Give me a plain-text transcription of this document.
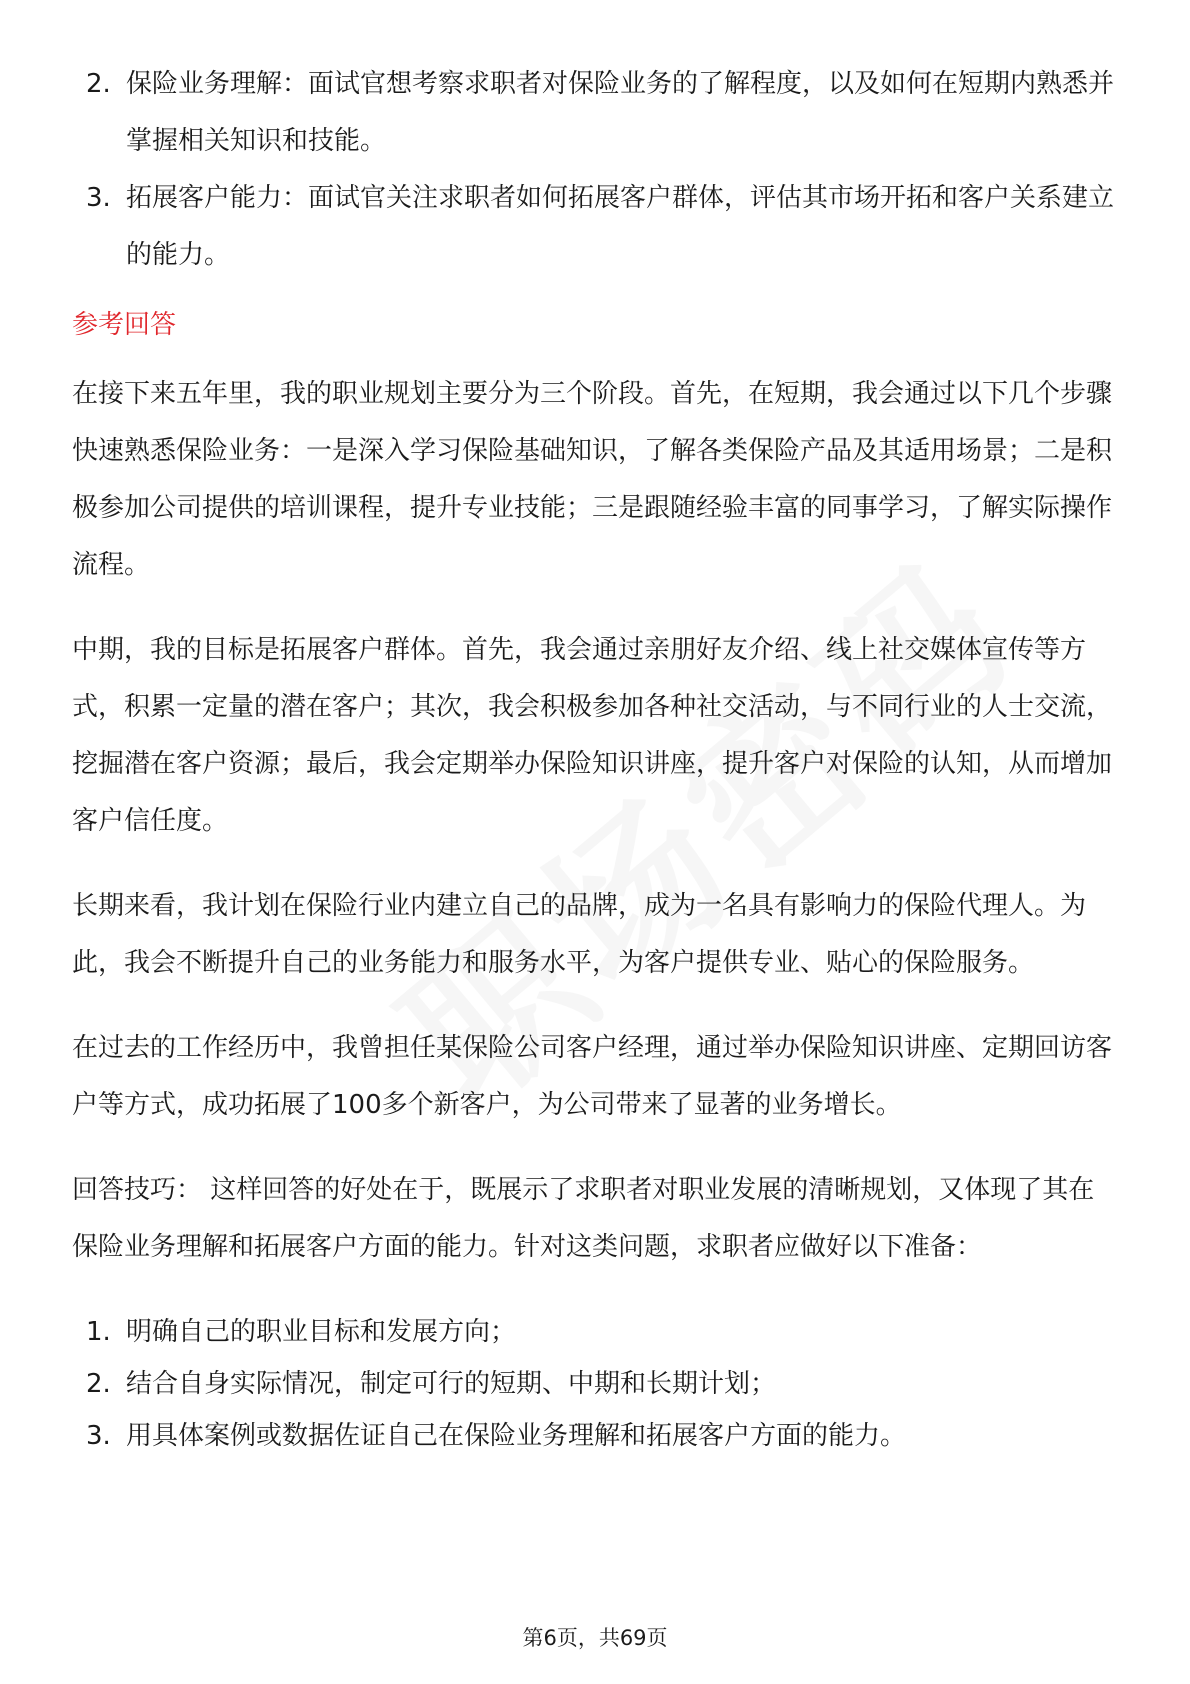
2. 保险业务理解：面试官想考察求职者对保险业务的了解程度，以及如何在短期内熟悉并掌握相关知识和技能。
3. 拓展客户能力：面试官关注求职者如何拓展客户群体，评估其市场开拓和客户关系建立的能力。
参考回答

在接下来五年里，我的职业规划主要分为三个阶段。首先，在短期，我会通过以下几个步骤快速熟悉保险业务：一是深入学习保险基础知识，了解各类保险产品及其适用场景；二是积极参加公司提供的培训课程，提升专业技能；三是跟随经验丰富的同事学习，了解实际操作流程。

中期，我的目标是拓展客户群体。首先，我会通过亲朋好友介绍、线上社交媒体宣传等方式，积累一定量的潜在客户；其次，我会积极参加各种社交活动，与不同行业的人士交流，挖掘潜在客户资源；最后，我会定期举办保险知识讲座，提升客户对保险的认知，从而增加客户信任度。

长期来看，我计划在保险行业内建立自己的品牌，成为一名具有影响力的保险代理人。为此，我会不断提升自己的业务能力和服务水平，为客户提供专业、贴心的保险服务。

在过去的工作经历中，我曾担任某保险公司客户经理，通过举办保险知识讲座、定期回访客户等方式，成功拓展了100多个新客户，为公司带来了显著的业务增长。

回答技巧： 这样回答的好处在于，既展示了求职者对职业发展的清晰规划，又体现了其在保险业务理解和拓展客户方面的能力。针对这类问题，求职者应做好以下准备：

1. 明确自己的职业目标和发展方向；
2. 结合自身实际情况，制定可行的短期、中期和长期计划；
3. 用具体案例或数据佐证自己在保险业务理解和拓展客户方面的能力。
第6页，共69页
